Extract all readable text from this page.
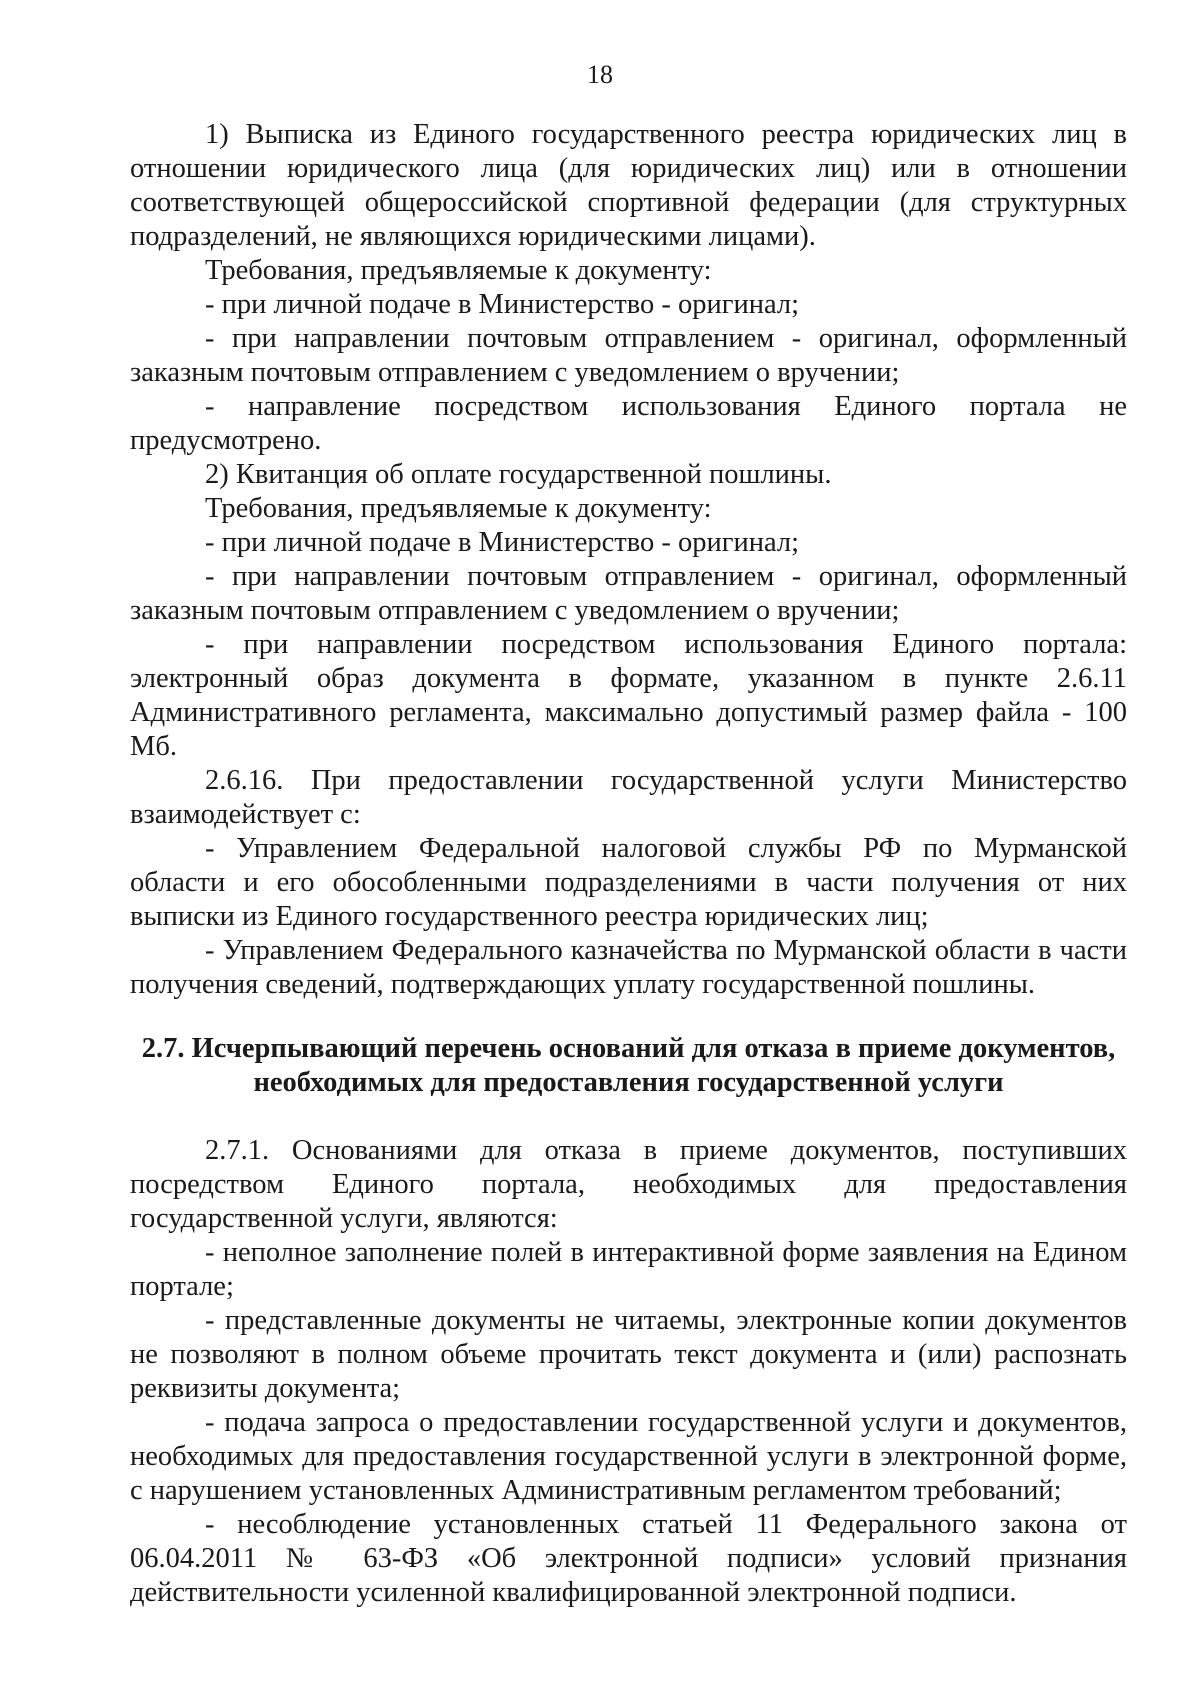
18

1) Выписка из Единого государственного реестра юридических лиц в отношении юридического лица (для юридических лиц) или в отношении соответствующей общероссийской спортивной федерации (для структурных подразделений, не являющихся юридическими лицами).

Требования, предъявляемые к документу:

- при личной подаче в Министерство - оригинал;

- при направлении почтовым отправлением - оригинал, оформленный заказным почтовым отправлением с уведомлением о вручении;

- направление посредством использования Единого портала не предусмотрено.

2) Квитанция об оплате государственной пошлины.

Требования, предъявляемые к документу:

- при личной подаче в Министерство - оригинал;

- при направлении почтовым отправлением - оригинал, оформленный заказным почтовым отправлением с уведомлением о вручении;

- при направлении посредством использования Единого портала: электронный образ документа в формате, указанном в пункте 2.6.11 Административного регламента, максимально допустимый размер файла - 100 Мб.

2.6.16. При предоставлении государственной услуги Министерство взаимодействует с:

- Управлением Федеральной налоговой службы РФ по Мурманской области и его обособленными подразделениями в части получения от них выписки из Единого государственного реестра юридических лиц;

- Управлением Федерального казначейства по Мурманской области в части получения сведений, подтверждающих уплату государственной пошлины.

2.7. Исчерпывающий перечень оснований для отказа в приеме документов,
необходимых для предоставления государственной услуги

2.7.1. Основаниями для отказа в приеме документов, поступивших посредством Единого портала, необходимых для предоставления государственной услуги, являются:

- неполное заполнение полей в интерактивной форме заявления на Едином портале;

- представленные документы не читаемы, электронные копии документов не позволяют в полном объеме прочитать текст документа и (или) распознать реквизиты документа;

- подача запроса о предоставлении государственной услуги и документов, необходимых для предоставления государственной услуги в электронной форме, с нарушением установленных Административным регламентом требований;

- несоблюдение установленных статьей 11 Федерального закона от 06.04.2011 № 63-ФЗ «Об электронной подписи» условий признания действительности усиленной квалифицированной электронной подписи.
